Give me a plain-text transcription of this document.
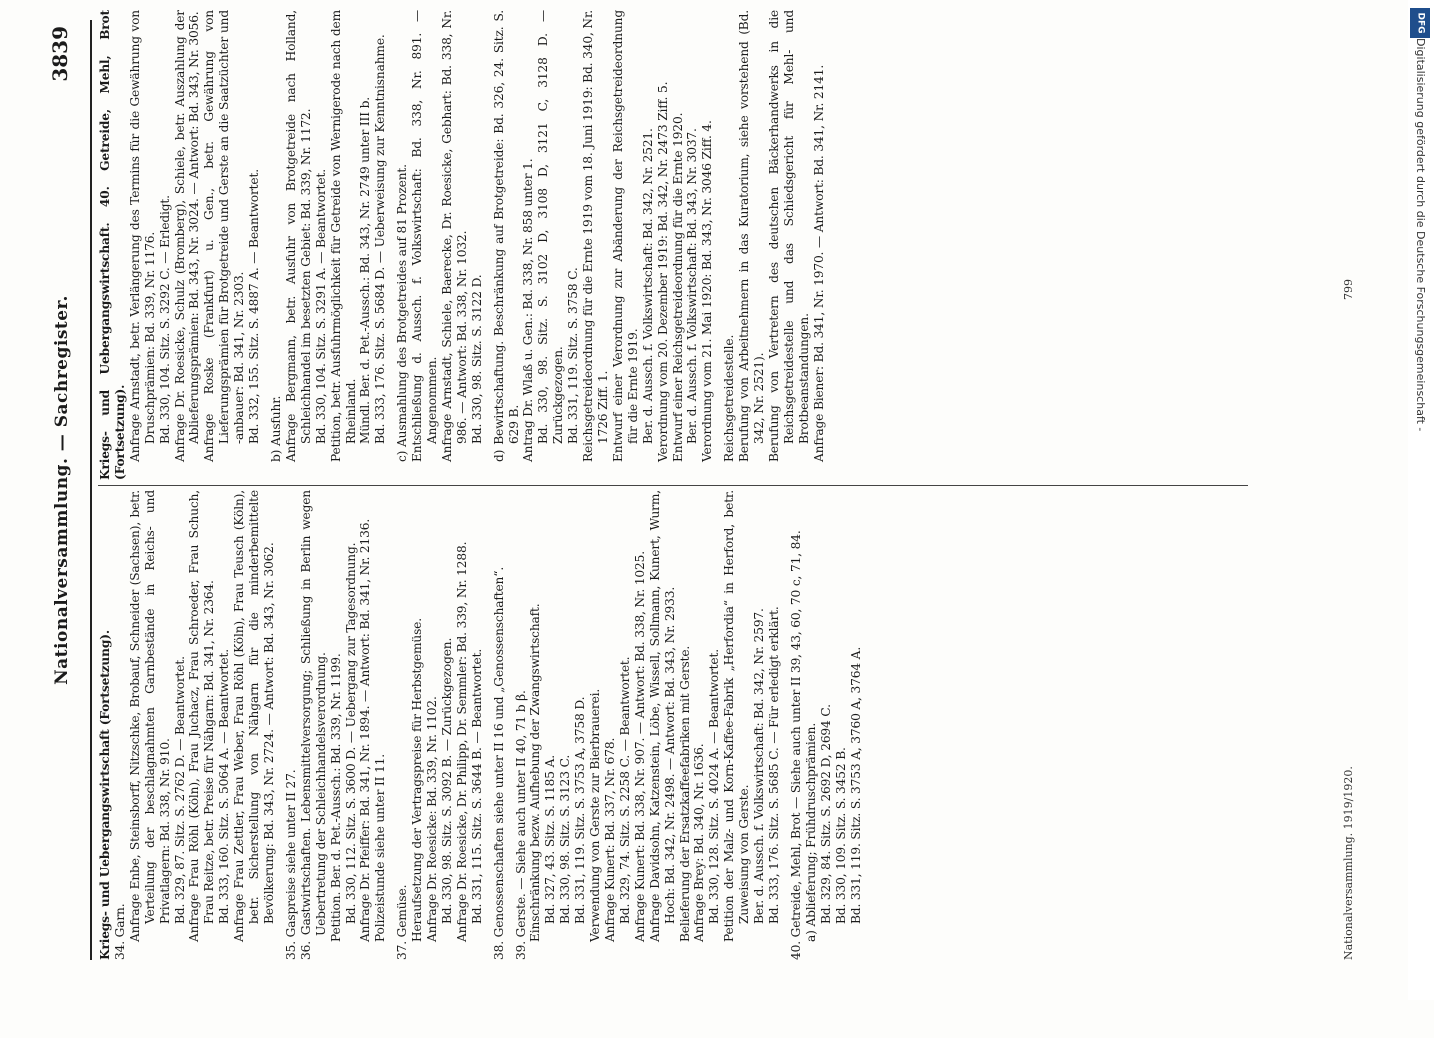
Nationalversammlung. — Sachregister.
3839
Kriegs- und Uebergangswirtschaft (Fortsetzung). 34. Garn. Anfrage Enbe, Steinsborff, Nitzschke, Brobauf, Schneider (Sachsen), betr. Verteilung der beschlagnahmten Garnbestände in Reichs- und Privatlagern: Bd. 338, Nr. 910. Bd. 329, 87. Sitz. S. 2762 D. — Beantwortet. Anfrage Frau Röhl (Köln), Frau Juchacz, Frau Schroeder, Frau Schuch, Frau Reitze, betr. Preise für Nähgarn: Bd. 341, Nr. 2364. Bd. 333, 160. Sitz. S. 5064 A. — Beantwortet. Anfrage Frau Zettler, Frau Weber, Frau Röhl (Köln), Frau Teusch (Köln), betr. Sicherstellung von Nähgarn für die minderbemittelte Bevölkerung: Bd. 343, Nr. 2724. — Antwort: Bd. 343, Nr. 3062. 35. Gaspreise siehe unter II 27. 36. Gastwirtschaften. Lebensmittelversorgung; Schließung in Berlin wegen Uebertretung der Schleichhandelsverordnung. Petition. Ber. d. Pet.-Aussch.: Bd. 339, Nr. 1199. Bd. 330, 112. Sitz. S. 3600 D. — Uebergang zur Tagesordnung. Anfrage Dr. Pfeiffer: Bd. 341, Nr. 1894. — Antwort: Bd. 341, Nr. 2136. Polizeistunde siehe unter II 11. 37. Gemüse. Heraufsetzung der Vertragspreise für Herbstgemüse. Anfrage Dr. Roesicke: Bd. 339, Nr. 1102. Bd. 330, 98. Sitz. S. 3092 B. — Zurückgezogen. Anfrage Dr. Roesicke, Dr. Philipp, Dr. Semmler: Bd. 339, Nr. 1288. Bd. 331, 115. Sitz. S. 3644 B. — Beantwortet. 38. Genossenschaften siehe unter II 16 und „Genossenschaften“. 39. Gerste. — Siehe auch unter II 40, 71 b β. Einschränkung bezw. Aufhebung der Zwangswirtschaft. Bd. 327, 43. Sitz. S. 1185 A. Bd. 330, 98. Sitz. S. 3123 C. Bd. 331, 119. Sitz. S. 3753 A, 3758 D. Verwendung von Gerste zur Bierbrauerei. Anfrage Kunert: Bd. 337, Nr. 678. Bd. 329, 74. Sitz. S. 2258 C. — Beantwortet. Anfrage Kunert: Bd. 338, Nr. 907. — Antwort: Bd. 338, Nr. 1025. Anfrage Davidsohn, Katzenstein, Löbe, Wissell, Sollmann, Kunert, Wurm, Hoch: Bd. 342, Nr. 2498. — Antwort: Bd. 343, Nr. 2933. Belieferung der Ersatzkaffeefabriken mit Gerste. Anfrage Brey: Bd. 340, Nr. 1636. Bd. 330, 128. Sitz. S. 4024 A. — Beantwortet. Petition der Malz- und Korn-Kaffee-Fabrik „Herfordia“ in Herford, betr. Zuweisung von Gerste. Ber. d. Aussch. f. Volkswirtschaft: Bd. 342, Nr. 2597. Bd. 333, 176. Sitz. S. 5685 C. — Für erledigt erklärt. 40. Getreide, Mehl, Brot — Siehe auch unter II 39, 43, 60, 70 c, 71, 84. a) Ablieferung; Frühdruschprämien. Bd. 329, 84. Sitz. S. 2692 D, 2694 C. Bd. 330, 109. Sitz. S. 3452 B. Bd. 331, 119. Sitz. S. 3753 A, 3760 A, 3764 A.
Kriegs- und Uebergangswirtschaft. 40. Getreide, Mehl, Brot (Fortsetzung). Anfrage Arnstadt, betr. Verlängerung des Termins für die Gewährung von Druschprämien: Bd. 339, Nr. 1176. Bd. 330, 104. Sitz. S. 3292 C. — Erledigt. Anfrage Dr. Roesicke, Schulz (Bromberg), Schiele, betr. Auszahlung der Ablieferungsprämien: Bd. 343, Nr. 3024. — Antwort: Bd. 343, Nr. 3056. Anfrage Roske (Frankfurt) u. Gen., betr. Gewährung von Lieferungsprämien für Brotgetreide und Gerste an die Saatzüchter und -anbauer: Bd. 341, Nr. 2303. Bd. 332, 155. Sitz. S. 4887 A. — Beantwortet. b) Ausfuhr. Anfrage Bergmann, betr. Ausfuhr von Brotgetreide nach Holland, Schleichhandel im besetzten Gebiet: Bd. 339, Nr. 1172. Bd. 330, 104. Sitz. S. 3291 A. — Beantwortet. Petition, betr. Ausfuhrmöglichkeit für Getreide von Wernigerode nach dem Rheinland. Mündl. Ber. d. Pet.-Aussch.: Bd. 343, Nr. 2749 unter III b. Bd. 333, 176. Sitz. S. 5684 D. — Ueberweisung zur Kenntnisnahme. c) Ausmahlung des Brotgetreides auf 81 Prozent. Entschließung d. Aussch. f. Volkswirtschaft: Bd. 338, Nr. 891. — Angenommen. Anfrage Arnstadt, Schiele, Baerecke, Dr. Roesicke, Gebhart: Bd. 338, Nr. 986. — Antwort: Bd. 338, Nr. 1032. Bd. 330, 98. Sitz. S. 3122 D. d) Bewirtschaftung. Beschränkung auf Brotgetreide: Bd. 326, 24. Sitz. S. 629 B. Antrag Dr. Wlaß u. Gen.: Bd. 338, Nr. 858 unter 1. Bd. 330, 98. Sitz. S. 3102 D, 3108 D, 3121 C, 3128 D. — Zurückgezogen. Bd. 331, 119. Sitz. S. 3758 C. Reichsgetreideordnung für die Ernte 1919 vom 18. Juni 1919: Bd. 340, Nr. 1726 Ziff. 1. Entwurf einer Verordnung zur Abänderung der Reichsgetreideordnung für die Ernte 1919. Ber. d. Aussch. f. Volkswirtschaft: Bd. 342, Nr. 2521. Verordnung vom 20. Dezember 1919: Bd. 342, Nr. 2473 Ziff. 5. Entwurf einer Reichsgetreideordnung für die Ernte 1920. Ber. d. Aussch. f. Volkswirtschaft: Bd. 343, Nr. 3037. Verordnung vom 21. Mai 1920: Bd. 343, Nr. 3046 Ziff. 4. Reichsgetreidestelle. Berufung von Arbeitnehmern in das Kuratorium, siehe vorstehend (Bd. 342, Nr. 2521). Berufung von Vertretern des deutschen Bäckerhandwerks in die Reichsgetreidestelle und das Schiedsgericht für Mehl- und Brotbeanstandungen. Anfrage Biener: Bd. 341, Nr. 1970. — Antwort: Bd. 341, Nr. 2141.
Nationalversammlung. 1919/1920.
799	Digitalisierung gefördert durch die Deutsche Forschungsgemeinschaft -
DFG
